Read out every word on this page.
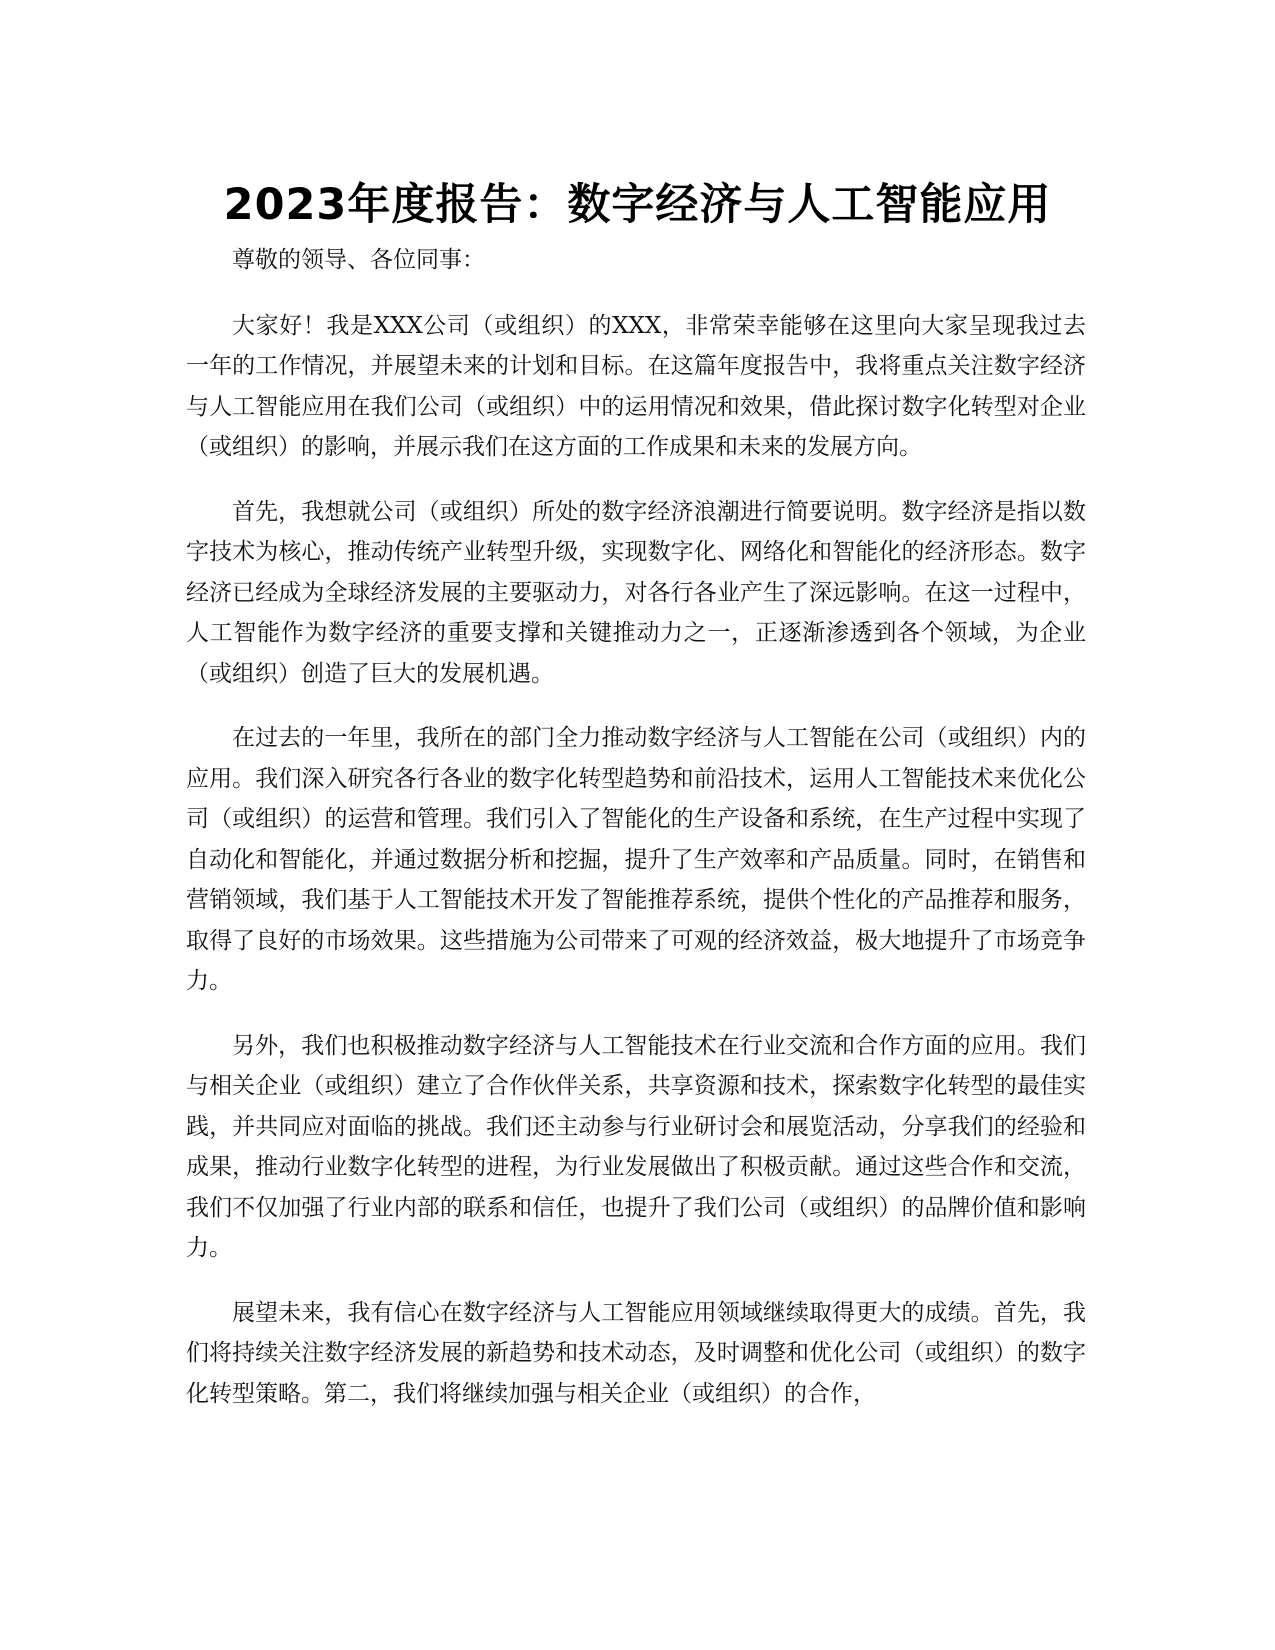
2023年度报告：数字经济与人工智能应用

尊敬的领导、各位同事：

大家好！我是XXX公司（或组织）的XXX，非常荣幸能够在这里向大家呈现我过去一年的工作情况，并展望未来的计划和目标。在这篇年度报告中，我将重点关注数字经济与人工智能应用在我们公司（或组织）中的运用情况和效果，借此探讨数字化转型对企业（或组织）的影响，并展示我们在这方面的工作成果和未来的发展方向。

首先，我想就公司（或组织）所处的数字经济浪潮进行简要说明。数字经济是指以数字技术为核心，推动传统产业转型升级，实现数字化、网络化和智能化的经济形态。数字经济已经成为全球经济发展的主要驱动力，对各行各业产生了深远影响。在这一过程中，人工智能作为数字经济的重要支撑和关键推动力之一，正逐渐渗透到各个领域，为企业（或组织）创造了巨大的发展机遇。

在过去的一年里，我所在的部门全力推动数字经济与人工智能在公司（或组织）内的应用。我们深入研究各行各业的数字化转型趋势和前沿技术，运用人工智能技术来优化公司（或组织）的运营和管理。我们引入了智能化的生产设备和系统，在生产过程中实现了自动化和智能化，并通过数据分析和挖掘，提升了生产效率和产品质量。同时，在销售和营销领域，我们基于人工智能技术开发了智能推荐系统，提供个性化的产品推荐和服务，取得了良好的市场效果。这些措施为公司带来了可观的经济效益，极大地提升了市场竞争力。

另外，我们也积极推动数字经济与人工智能技术在行业交流和合作方面的应用。我们与相关企业（或组织）建立了合作伙伴关系，共享资源和技术，探索数字化转型的最佳实践，并共同应对面临的挑战。我们还主动参与行业研讨会和展览活动，分享我们的经验和成果，推动行业数字化转型的进程，为行业发展做出了积极贡献。通过这些合作和交流，我们不仅加强了行业内部的联系和信任，也提升了我们公司（或组织）的品牌价值和影响力。

展望未来，我有信心在数字经济与人工智能应用领域继续取得更大的成绩。首先，我们将持续关注数字经济发展的新趋势和技术动态，及时调整和优化公司（或组织）的数字化转型策略。第二，我们将继续加强与相关企业（或组织）的合作，
